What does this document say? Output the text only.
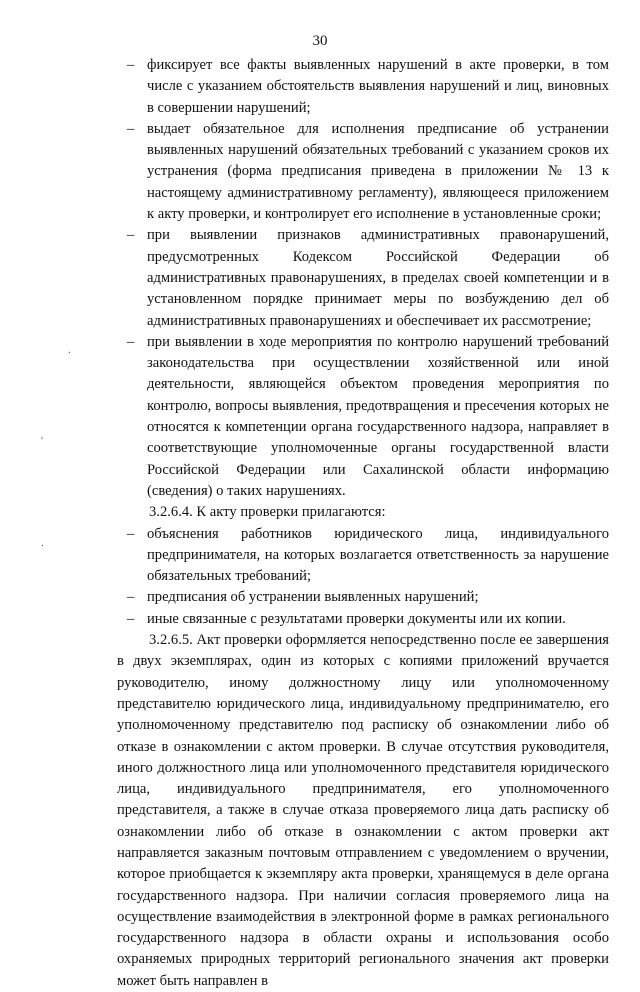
30
.
'
.
– фиксирует все факты выявленных нарушений в акте проверки, в том числе с указанием обстоятельств выявления нарушений и лиц, виновных в совершении нарушений;
– выдает обязательное для исполнения предписание об устранении выявленных нарушений обязательных требований с указанием сроков их устранения (форма предписания приведена в приложении № 13 к настоящему административному регламенту), являющееся приложением к акту проверки, и контролирует его исполнение в установленные сроки;
– при выявлении признаков административных правонарушений, предусмотренных Кодексом Российской Федерации об административных правонарушениях, в пределах своей компетенции и в установленном порядке принимает меры по возбуждению дел об административных правонарушениях и обеспечивает их рассмотрение;
– при выявлении в ходе мероприятия по контролю нарушений требований законодательства при осуществлении хозяйственной или иной деятельности, являющейся объектом проведения мероприятия по контролю, вопросы выявления, предотвращения и пресечения которых не относятся к компетенции органа государственного надзора, направляет в соответствующие уполномоченные органы государственной власти Российской Федерации или Сахалинской области информацию (сведения) о таких нарушениях.
3.2.6.4. К акту проверки прилагаются:
– объяснения работников юридического лица, индивидуального предпринимателя, на которых возлагается ответственность за нарушение обязательных требований;
– предписания об устранении выявленных нарушений;
– иные связанные с результатами проверки документы или их копии.
3.2.6.5. Акт проверки оформляется непосредственно после ее завершения в двух экземплярах, один из которых с копиями приложений вручается руководителю, иному должностному лицу или уполномоченному представителю юридического лица, индивидуальному предпринимателю, его уполномоченному представителю под расписку об ознакомлении либо об отказе в ознакомлении с актом проверки. В случае отсутствия руководителя, иного должностного лица или уполномоченного представителя юридического лица, индивидуального предпринимателя, его уполномоченного представителя, а также в случае отказа проверяемого лица дать расписку об ознакомлении либо об отказе в ознакомлении с актом проверки акт направляется заказным почтовым отправлением с уведомлением о вручении, которое приобщается к экземпляру акта проверки, хранящемуся в деле органа государственного надзора. При наличии согласия проверяемого лица на осуществление взаимодействия в электронной форме в рамках регионального государственного надзора в области охраны и использования особо охраняемых природных территорий регионального значения акт проверки может быть направлен в
